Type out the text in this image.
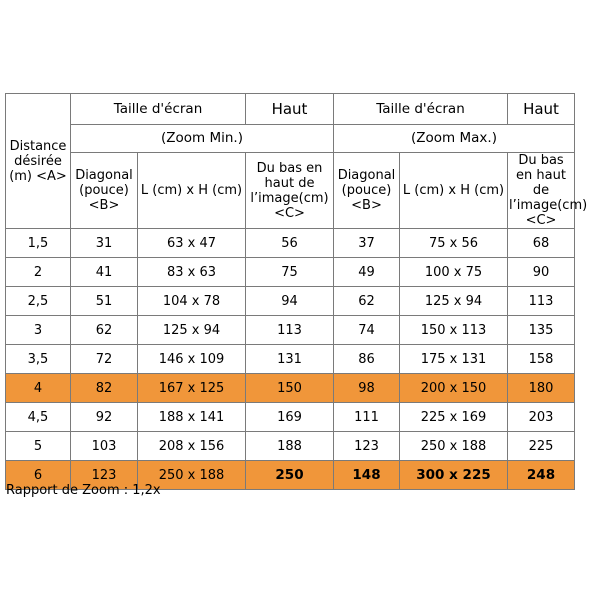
Distance désirée (m) <A>	Taille d'écran		Haut	Taille d'écran		Haut
	(Zoom Min.)			(Zoom Max.)		
	Diagonal (pouce) <B>	L (cm) x H (cm)	Du bas en haut de l’image(cm) <C>	Diagonal (pouce) <B>	L (cm) x H (cm)	Du bas en haut de l’image(cm) <C>
1,5	31	63 x 47	56	37	75 x 56	68
2	41	83 x 63	75	49	100 x 75	90
2,5	51	104 x 78	94	62	125 x 94	113
3	62	125 x 94	113	74	150 x 113	135
3,5	72	146 x 109	131	86	175 x 131	158
4	82	167 x 125	150	98	200 x 150	180
4,5	92	188 x 141	169	111	225 x 169	203
5	103	208 x 156	188	123	250 x 188	225
6	123	250 x 188	250	148	300 x 225	248
Rapport de Zoom : 1,2x
